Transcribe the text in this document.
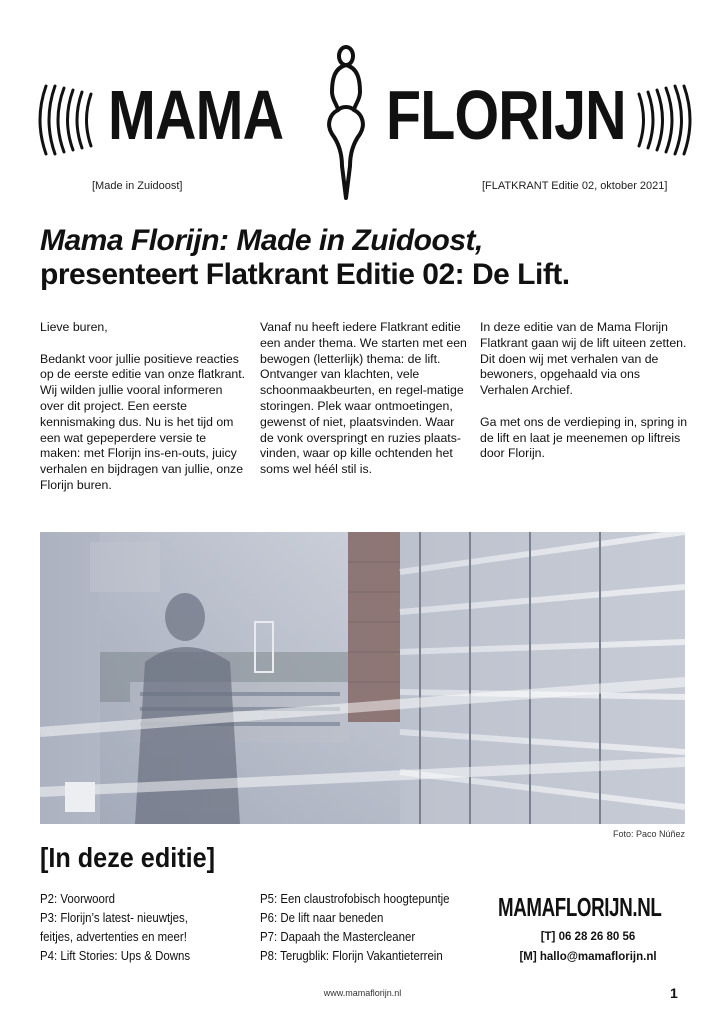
MAMA FLORIJN
[Made in Zuidoost]	[FLATKRANT Editie 02, oktober 2021]
Mama Florijn: Made in Zuidoost,
presenteert Flatkrant Editie 02: De Lift.

Lieve buren,

Bedankt voor jullie positieve reacties op de eerste editie van onze flatkrant. Wij wilden jullie vooral informeren over dit project. Een eerste kennismaking dus. Nu is het tijd om een wat gepeperdere versie te maken: met Florijn ins-en-outs, juicy verhalen en bijdragen van jullie, onze Florijn buren.

Vanaf nu heeft iedere Flatkrant editie een ander thema. We starten met een bewogen (letterlijk) thema: de lift. Ontvanger van klachten, vele schoonmaakbeurten, en regel-matige storingen. Plek waar ontmoetingen, gewenst of niet, plaatsvinden. Waar de vonk overspringt en ruzies plaats-vinden, waar op kille ochtenden het soms wel héél stil is.

In deze editie van de Mama Florijn Flatkrant gaan wij de lift uiteen zetten. Dit doen wij met verhalen van de bewoners, opgehaald via ons Verhalen Archief.

Ga met ons de verdieping in, spring in de lift en laat je meenemen op liftreis door Florijn.

Foto: Paco Núñez
[In deze editie]
P2: Voorwoord
P3: Florijn’s latest- nieuwtjes,
feitjes, advertenties en meer!
P4: Lift Stories: Ups & Downs
P5: Een claustrofobisch hoogtepuntje
P6: De lift naar beneden
P7: Dapaah the Mastercleaner
P8: Terugblik: Florijn Vakantieterrein
MAMAFLORIJN.NL
[T] 06 28 26 80 56
[M] hallo@mamaflorijn.nl
www.mamaflorijn.nl	1
